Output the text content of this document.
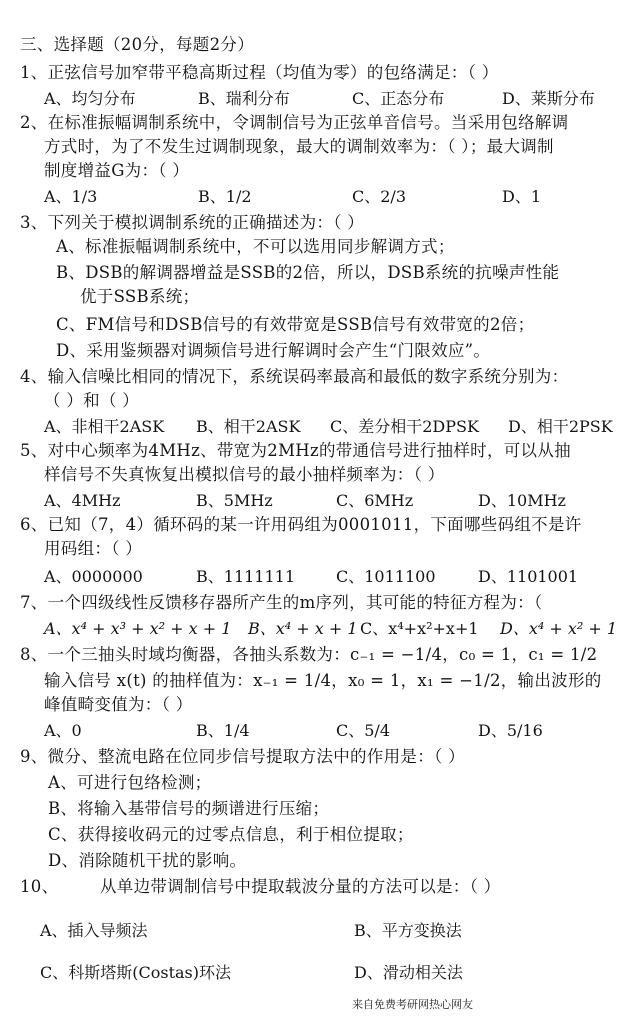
三、选择题（20分，每题2分）
1、正弦信号加窄带平稳高斯过程（均值为零）的包络满足：（ ）
A、均匀分布	B、瑞利分布	C、正态分布	D、莱斯分布
2、在标准振幅调制系统中，令调制信号为正弦单音信号。当采用包络解调
方式时，为了不发生过调制现象，最大的调制效率为：（ ）；最大调制
制度增益G为：（ ）
A、1/3	B、1/2	C、2/3	D、1
3、下列关于模拟调制系统的正确描述为：（ ）
A、标准振幅调制系统中，不可以选用同步解调方式；
B、DSB的解调器增益是SSB的2倍，所以，DSB系统的抗噪声性能
优于SSB系统；
C、FM信号和DSB信号的有效带宽是SSB信号有效带宽的2倍；
D、采用鉴频器对调频信号进行解调时会产生“门限效应”。
4、输入信噪比相同的情况下，系统误码率最高和最低的数字系统分别为：
（ ）和（ ）
A、非相干2ASK B、相干2ASK C、差分相干2DPSK D、相干2PSK
5、对中心频率为4MHz、带宽为2MHz的带通信号进行抽样时，可以从抽
样信号不失真恢复出模拟信号的最小抽样频率为：（ ）
A、4MHz	B、5MHz	C、6MHz	D、10MHz
6、已知（7，4）循环码的某一许用码组为0001011，下面哪些码组不是许
用码组：（ ）
A、0000000	B、1111111	C、1011100	D、1101001
7、一个四级线性反馈移存器所产生的m序列，其可能的特征方程为：（
A、x⁴ + x³ + x² + x + 1 B、x⁴ + x + 1 C、x⁴+x²+x+1 D、x⁴ + x² + 1
8、一个三抽头时域均衡器，各抽头系数为：c₋₁ = −1/4，c₀ = 1，c₁ = 1/2
输入信号 x(t) 的抽样值为：x₋₁ = 1/4，x₀ = 1，x₁ = −1/2，输出波形的
峰值畸变值为：（ ）
A、0	B、1/4	C、5/4	D、5/16
9、微分、整流电路在位同步信号提取方法中的作用是：（ ）
A、可进行包络检测；
B、将输入基带信号的频谱进行压缩；
C、获得接收码元的过零点信息，利于相位提取；
D、消除随机干扰的影响。
10、	从单边带调制信号中提取载波分量的方法可以是：（ ）
A、插入导频法	B、平方变换法
C、科斯塔斯(Costas)环法	D、滑动相关法
来自免费考研网热心网友
